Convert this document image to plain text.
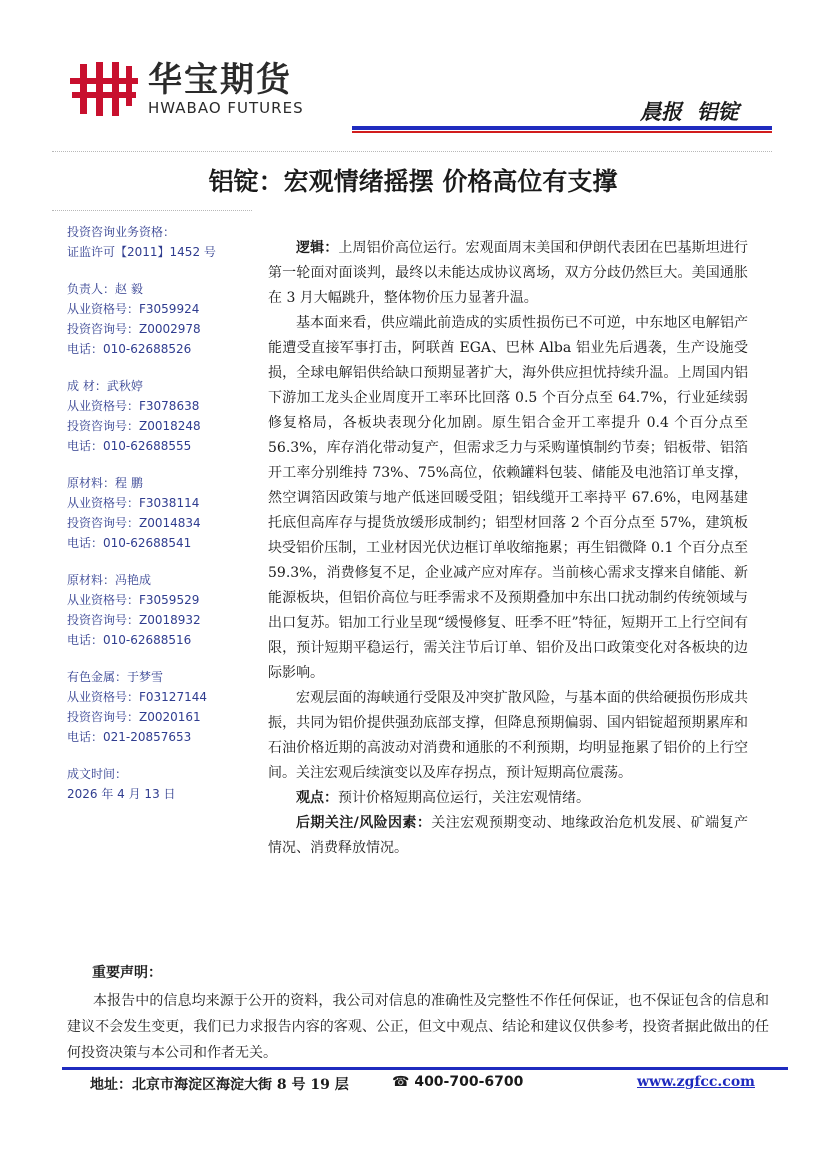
华宝期货
HWABAO FUTURES	晨报  铝锭
铝锭：宏观情绪摇摆 价格高位有支撑
投资咨询业务资格：
证监许可【2011】1452 号
负责人：赵 毅
从业资格号：F3059924
投资咨询号：Z0002978
电话：010-62688526
成 材：武秋婷
从业资格号：F3078638
投资咨询号：Z0018248
电话：010-62688555
原材料：程 鹏
从业资格号：F3038114
投资咨询号：Z0014834
电话：010-62688541
原材料：冯艳成
从业资格号：F3059529
投资咨询号：Z0018932
电话：010-62688516
有色金属：于梦雪
从业资格号：F03127144
投资咨询号：Z0020161
电话：021-20857653
成文时间：
2026 年 4 月 13 日

逻辑：上周铝价高位运行。宏观面周末美国和伊朗代表团在巴基斯坦进行第一轮面对面谈判，最终以未能达成协议离场，双方分歧仍然巨大。美国通胀在 3 月大幅跳升，整体物价压力显著升温。

基本面来看，供应端此前造成的实质性损伤已不可逆，中东地区电解铝产能遭受直接军事打击，阿联酋 EGA、巴林 Alba 铝业先后遇袭，生产设施受损，全球电解铝供给缺口预期显著扩大，海外供应担忧持续升温。上周国内铝下游加工龙头企业周度开工率环比回落 0.5 个百分点至 64.7%，行业延续弱修复格局，各板块表现分化加剧。原生铝合金开工率提升 0.4 个百分点至 56.3%，库存消化带动复产，但需求乏力与采购谨慎制约节奏；铝板带、铝箔开工率分别维持 73%、75%高位，依赖罐料包装、储能及电池箔订单支撑，然空调箔因政策与地产低迷回暖受阻；铝线缆开工率持平 67.6%，电网基建托底但高库存与提货放缓形成制约；铝型材回落 2 个百分点至 57%，建筑板块受铝价压制，工业材因光伏边框订单收缩拖累；再生铝微降 0.1 个百分点至 59.3%，消费修复不足，企业减产应对库存。当前核心需求支撑来自储能、新能源板块，但铝价高位与旺季需求不及预期叠加中东出口扰动制约传统领域与出口复苏。铝加工行业呈现“缓慢修复、旺季不旺”特征，短期开工上行空间有限，预计短期平稳运行，需关注节后订单、铝价及出口政策变化对各板块的边际影响。

宏观层面的海峡通行受限及冲突扩散风险，与基本面的供给硬损伤形成共振，共同为铝价提供强劲底部支撑，但降息预期偏弱、国内铝锭超预期累库和石油价格近期的高波动对消费和通胀的不利预期，均明显拖累了铝价的上行空间。关注宏观后续演变以及库存拐点，预计短期高位震荡。

观点：预计价格短期高位运行，关注宏观情绪。

后期关注/风险因素：关注宏观预期变动、地缘政治危机发展、矿端复产情况、消费释放情况。

重要声明：
本报告中的信息均来源于公开的资料，我公司对信息的准确性及完整性不作任何保证，也不保证包含的信息和建议不会发生变更，我们已力求报告内容的客观、公正，但文中观点、结论和建议仅供参考，投资者据此做出的任何投资决策与本公司和作者无关。
地址：北京市海淀区海淀大街 8 号 19 层	☎ 400-700-6700	www.zgfcc.com
